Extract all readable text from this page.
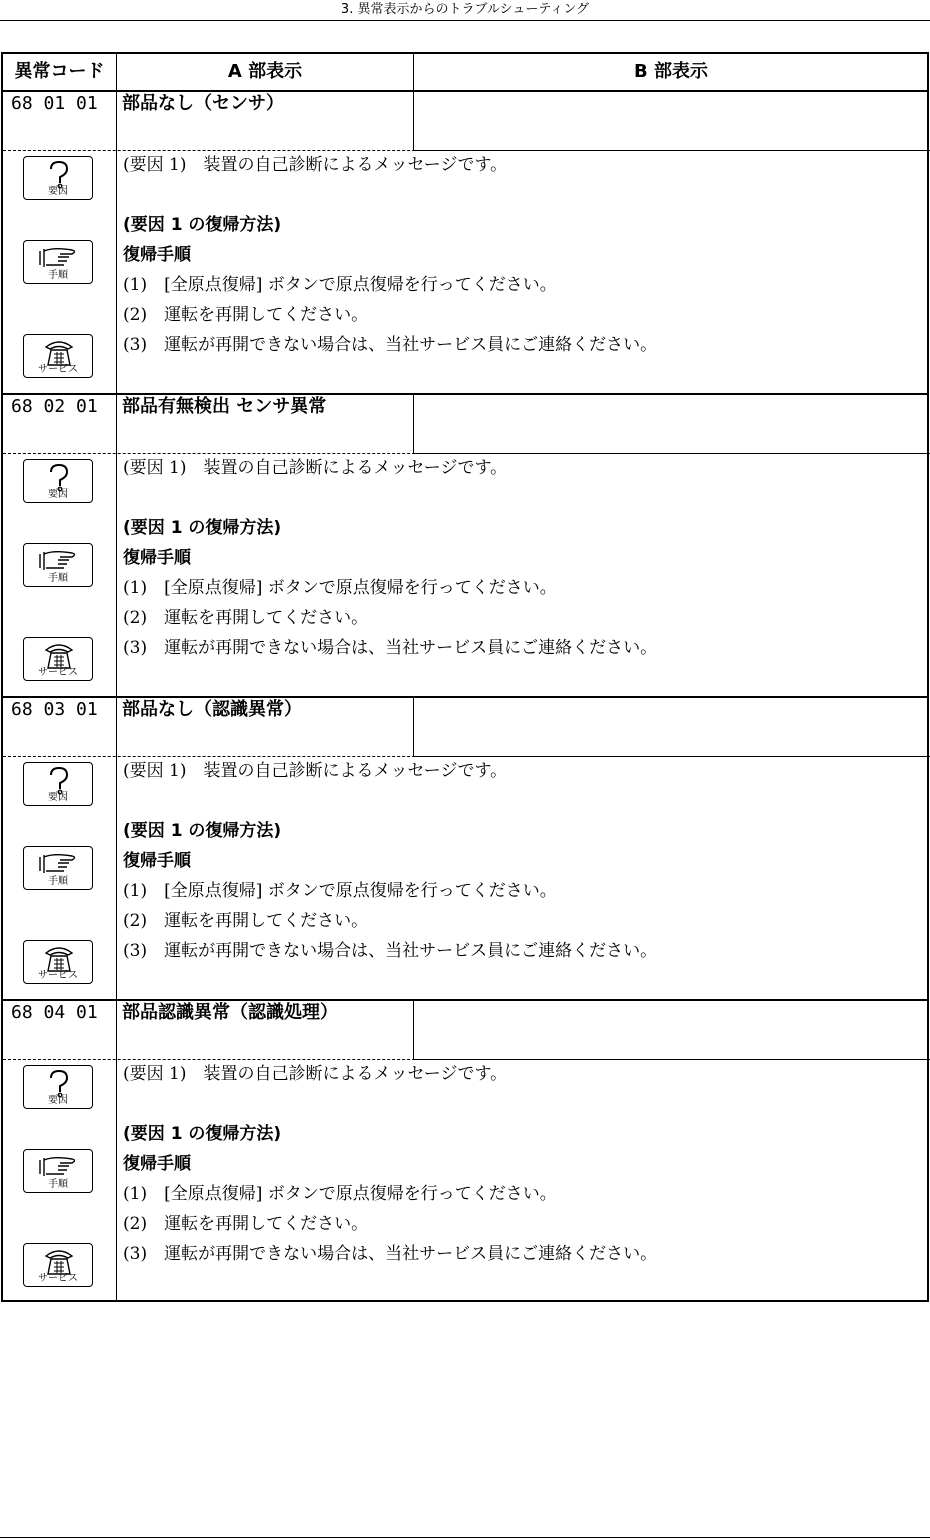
3. 異常表示からのトラブルシューティング
異常コード	A 部表示	B 部表示
68 01 01 部品なし（センサ）
要因
手順
サービス
(要因 1)　装置の自己診断によるメッセージです。
(要因 1 の復帰方法)
復帰手順
(1)　[全原点復帰] ボタンで原点復帰を行ってください。
(2)　運転を再開してください。
(3)　運転が再開できない場合は、当社サービス員にご連絡ください。
68 02 01 部品有無検出 センサ異常
要因
手順
サービス
(要因 1)　装置の自己診断によるメッセージです。
(要因 1 の復帰方法)
復帰手順
(1)　[全原点復帰] ボタンで原点復帰を行ってください。
(2)　運転を再開してください。
(3)　運転が再開できない場合は、当社サービス員にご連絡ください。
68 03 01 部品なし（認識異常）
要因
手順
サービス
(要因 1)　装置の自己診断によるメッセージです。
(要因 1 の復帰方法)
復帰手順
(1)　[全原点復帰] ボタンで原点復帰を行ってください。
(2)　運転を再開してください。
(3)　運転が再開できない場合は、当社サービス員にご連絡ください。
68 04 01 部品認識異常（認識処理）
要因
手順
サービス
(要因 1)　装置の自己診断によるメッセージです。
(要因 1 の復帰方法)
復帰手順
(1)　[全原点復帰] ボタンで原点復帰を行ってください。
(2)　運転を再開してください。
(3)　運転が再開できない場合は、当社サービス員にご連絡ください。
